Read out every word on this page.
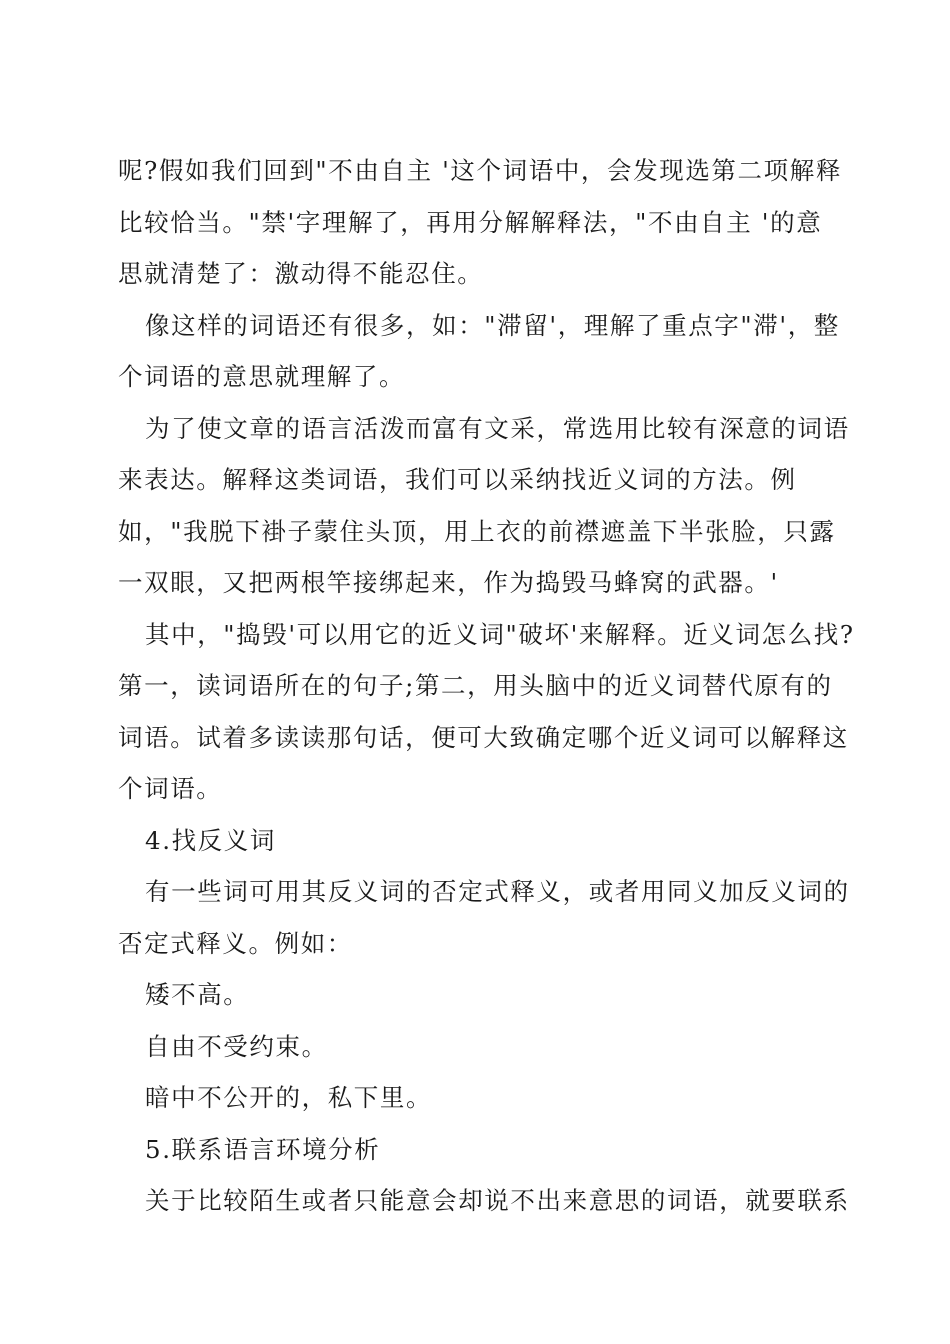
呢?假如我们回到"不由自主 '这个词语中，会发现选第二项解释
比较恰当。"禁'字理解了，再用分解解释法，"不由自主 '的意
思就清楚了：激动得不能忍住。
像这样的词语还有很多，如："滞留'，理解了重点字"滞'，整
个词语的意思就理解了。
为了使文章的语言活泼而富有文采，常选用比较有深意的词语
来表达。解释这类词语，我们可以采纳找近义词的方法。例
如，"我脱下褂子蒙住头顶，用上衣的前襟遮盖下半张脸，只露
一双眼，又把两根竿接绑起来，作为捣毁马蜂窝的武器。'
其中，"捣毁'可以用它的近义词"破坏'来解释。近义词怎么找?
第一，读词语所在的句子;第二，用头脑中的近义词替代原有的
词语。试着多读读那句话，便可大致确定哪个近义词可以解释这
个词语。
4.找反义词
有一些词可用其反义词的否定式释义，或者用同义加反义词的
否定式释义。例如：
矮不高。
自由不受约束。
暗中不公开的，私下里。
5.联系语言环境分析
关于比较陌生或者只能意会却说不出来意思的词语，就要联系
